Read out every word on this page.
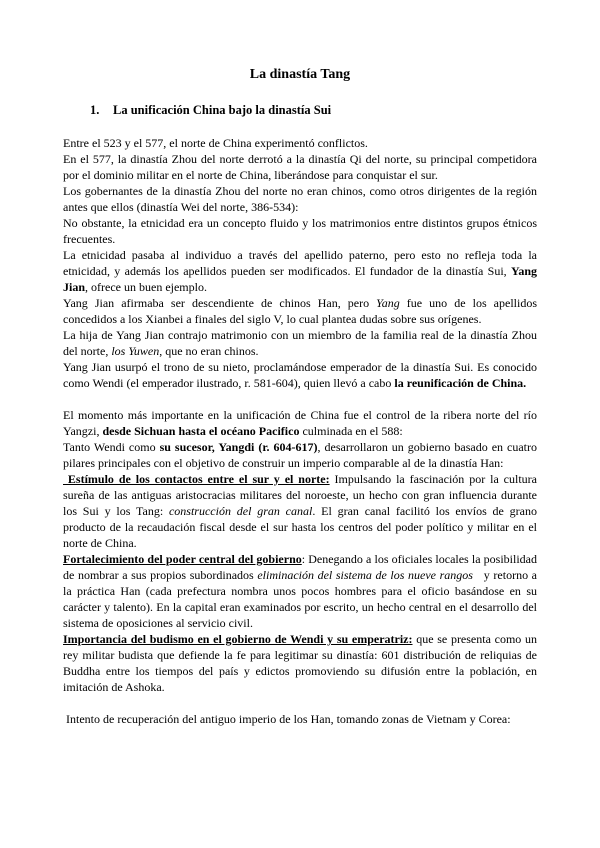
La dinastía Tang
1. La unificación China bajo la dinastía Sui

Entre el 523 y el 577, el norte de China experimentó conflictos.

En el 577, la dinastía Zhou del norte derrotó a la dinastía Qi del norte, su principal competidora por el dominio militar en el norte de China, liberándose para conquistar el sur.

Los gobernantes de la dinastía Zhou del norte no eran chinos, como otros dirigentes de la región antes que ellos (dinastía Wei del norte, 386-534):

No obstante, la etnicidad era un concepto fluido y los matrimonios entre distintos grupos étnicos frecuentes.

La etnicidad pasaba al individuo a través del apellido paterno, pero esto no refleja toda la etnicidad, y además los apellidos pueden ser modificados. El fundador de la dinastía Sui, Yang Jian, ofrece un buen ejemplo.

Yang Jian afirmaba ser descendiente de chinos Han, pero Yang fue uno de los apellidos concedidos a los Xianbei a finales del siglo V, lo cual plantea dudas sobre sus orígenes.

La hija de Yang Jian contrajo matrimonio con un miembro de la familia real de la dinastía Zhou del norte, los Yuwen, que no eran chinos.

Yang Jian usurpó el trono de su nieto, proclamándose emperador de la dinastía Sui. Es conocido como Wendi (el emperador ilustrado, r. 581-604), quien llevó a cabo la reunificación de China.

El momento más importante en la unificación de China fue el control de la ribera norte del río Yangzi, desde Sichuan hasta el océano Pacifico culminada en el 588:

Tanto Wendi como su sucesor, Yangdi (r. 604-617), desarrollaron un gobierno basado en cuatro pilares principales con el objetivo de construir un imperio comparable al de la dinastía Han:

Estímulo de los contactos entre el sur y el norte: Impulsando la fascinación por la cultura sureña de las antiguas aristocracias militares del noroeste, un hecho con gran influencia durante los Sui y los Tang: construcción del gran canal. El gran canal facilitó los envíos de grano producto de la recaudación fiscal desde el sur hasta los centros del poder político y militar en el norte de China.

Fortalecimiento del poder central del gobierno: Denegando a los oficiales locales la posibilidad de nombrar a sus propios subordinados eliminación del sistema de los nueve rangos   y retorno a la práctica Han (cada prefectura nombra unos pocos hombres para el oficio basándose en su carácter y talento). En la capital eran examinados por escrito, un hecho central en el desarrollo del sistema de oposiciones al servicio civil.

Importancia del budismo en el gobierno de Wendi y su emperatriz: que se presenta como un rey militar budista que defiende la fe para legitimar su dinastía: 601 distribución de reliquias de Buddha entre los tiempos del país y edictos promoviendo su difusión entre la población, en imitación de Ashoka.

Intento de recuperación del antiguo imperio de los Han, tomando zonas de Vietnam y Corea:
